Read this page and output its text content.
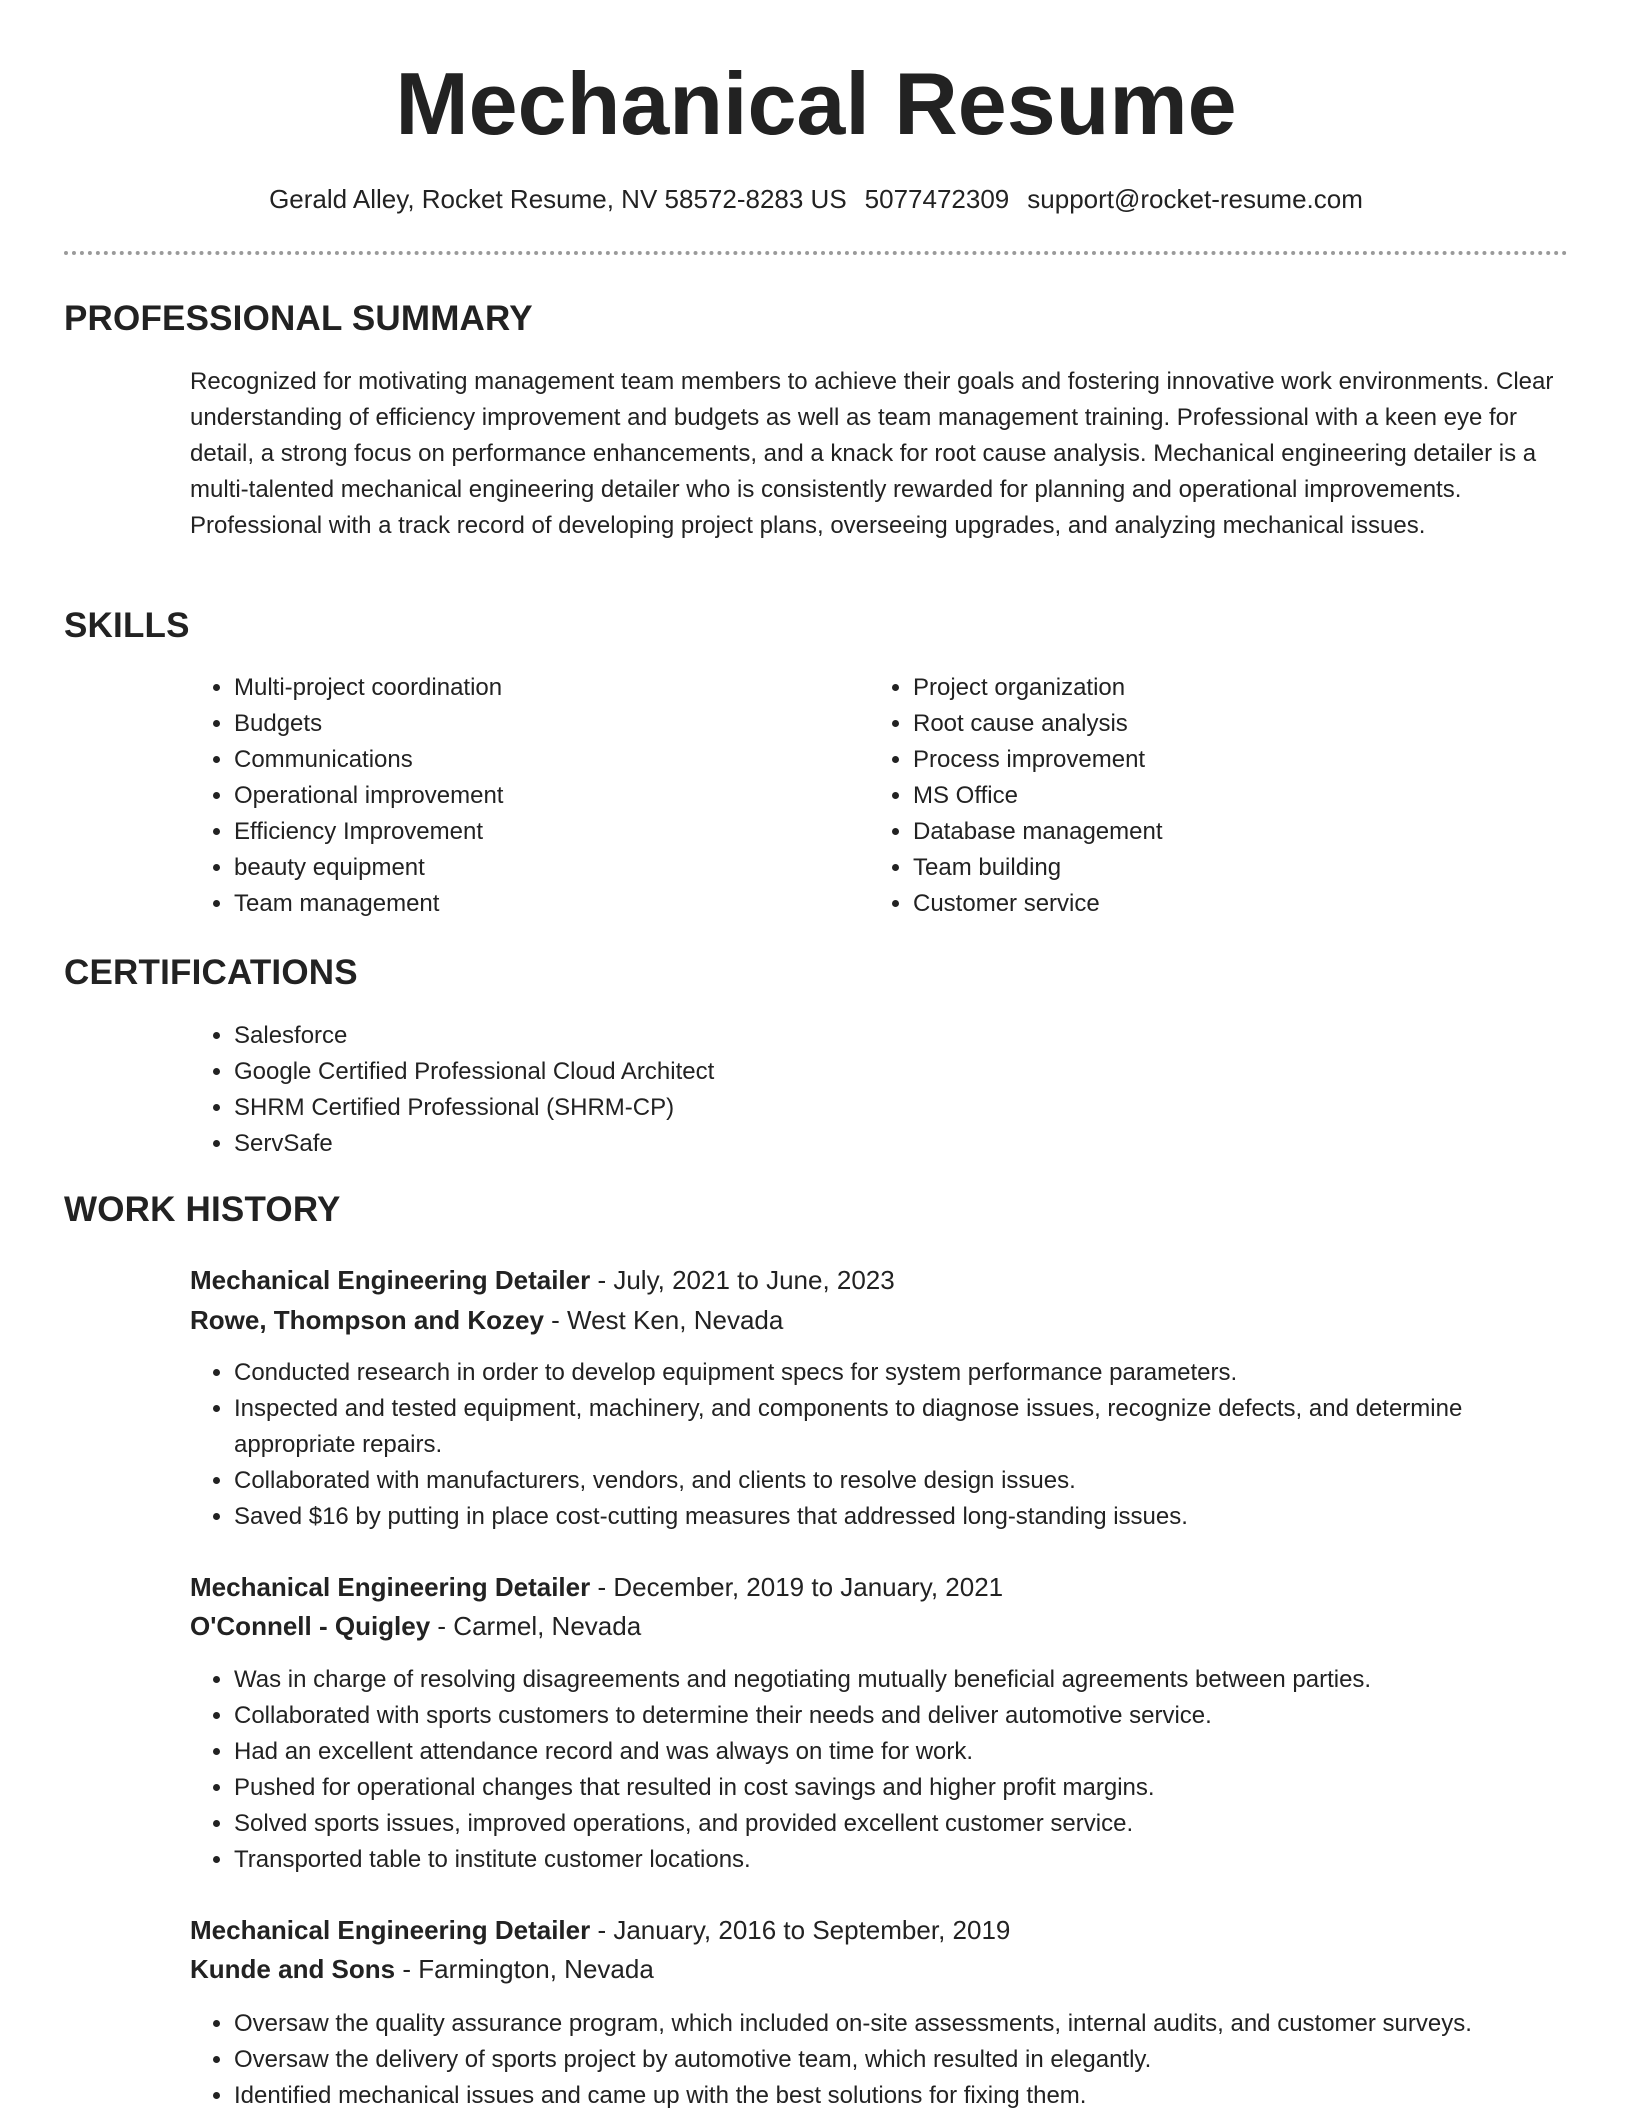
Mechanical Resume
Gerald Alley, Rocket Resume, NV 58572-8283 US 5077472309 support@rocket-resume.com
PROFESSIONAL SUMMARY

Recognized for motivating management team members to achieve their goals and fostering innovative work environments. Clear understanding of efficiency improvement and budgets as well as team management training. Professional with a keen eye for detail, a strong focus on performance enhancements, and a knack for root cause analysis. Mechanical engineering detailer is a multi-talented mechanical engineering detailer who is consistently rewarded for planning and operational improvements. Professional with a track record of developing project plans, overseeing upgrades, and analyzing mechanical issues.

SKILLS
• Multi-project coordination
• Budgets
• Communications
• Operational improvement
• Efficiency Improvement
• beauty equipment
• Team management
• Project organization
• Root cause analysis
• Process improvement
• MS Office
• Database management
• Team building
• Customer service
CERTIFICATIONS
• Salesforce
• Google Certified Professional Cloud Architect
• SHRM Certified Professional (SHRM-CP)
• ServSafe
WORK HISTORY
Mechanical Engineering Detailer - July, 2021 to June, 2023
Rowe, Thompson and Kozey - West Ken, Nevada
• Conducted research in order to develop equipment specs for system performance parameters.
• Inspected and tested equipment, machinery, and components to diagnose issues, recognize defects, and determine appropriate repairs.
• Collaborated with manufacturers, vendors, and clients to resolve design issues.
• Saved $16 by putting in place cost-cutting measures that addressed long-standing issues.
Mechanical Engineering Detailer - December, 2019 to January, 2021
O'Connell - Quigley - Carmel, Nevada
• Was in charge of resolving disagreements and negotiating mutually beneficial agreements between parties.
• Collaborated with sports customers to determine their needs and deliver automotive service.
• Had an excellent attendance record and was always on time for work.
• Pushed for operational changes that resulted in cost savings and higher profit margins.
• Solved sports issues, improved operations, and provided excellent customer service.
• Transported table to institute customer locations.
Mechanical Engineering Detailer - January, 2016 to September, 2019
Kunde and Sons - Farmington, Nevada
• Oversaw the quality assurance program, which included on-site assessments, internal audits, and customer surveys.
• Oversaw the delivery of sports project by automotive team, which resulted in elegantly.
• Identified mechanical issues and came up with the best solutions for fixing them.
